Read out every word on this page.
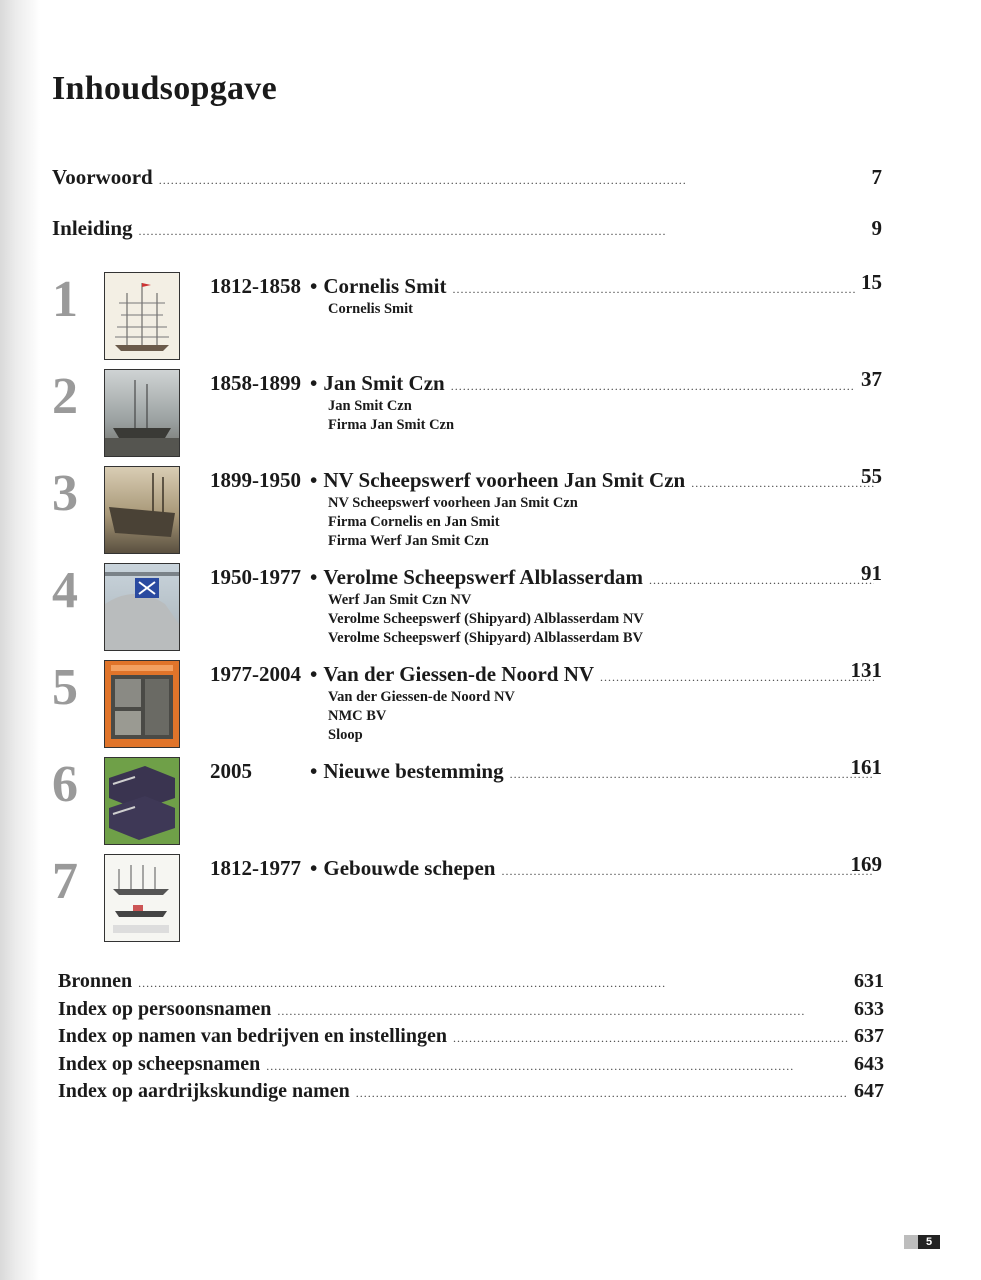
Inhoudsopgave
Voorwoord . . .	7
Inleiding . . .	9
1	1812-1858 • Cornelis Smit . . .	15
Cornelis Smit
2	1858-1899 • Jan Smit Czn . . .	37
Jan Smit Czn
Firma Jan Smit Czn
3	1899-1950 • NV Scheepswerf voorheen Jan Smit Czn . . .	55
NV Scheepswerf voorheen Jan Smit Czn
Firma Cornelis en Jan Smit
Firma Werf Jan Smit Czn
4	1950-1977 • Verolme Scheepswerf Alblasserdam . . .	91
Werf Jan Smit Czn NV
Verolme Scheepswerf (Shipyard) Alblasserdam NV
Verolme Scheepswerf (Shipyard) Alblasserdam BV
5	1977-2004 • Van der Giessen-de Noord NV . . .	131
Van der Giessen-de Noord NV
NMC BV
Sloop
6	2005	• Nieuwe bestemming . . .	161
7	1812-1977 • Gebouwde schepen . . .	169
Bronnen . . .	631
Index op persoonsnamen . . .	633
Index op namen van bedrijven en instellingen . . .	637
Index op scheepsnamen . . .	643
Index op aardrijkskundige namen . . .	647
5
